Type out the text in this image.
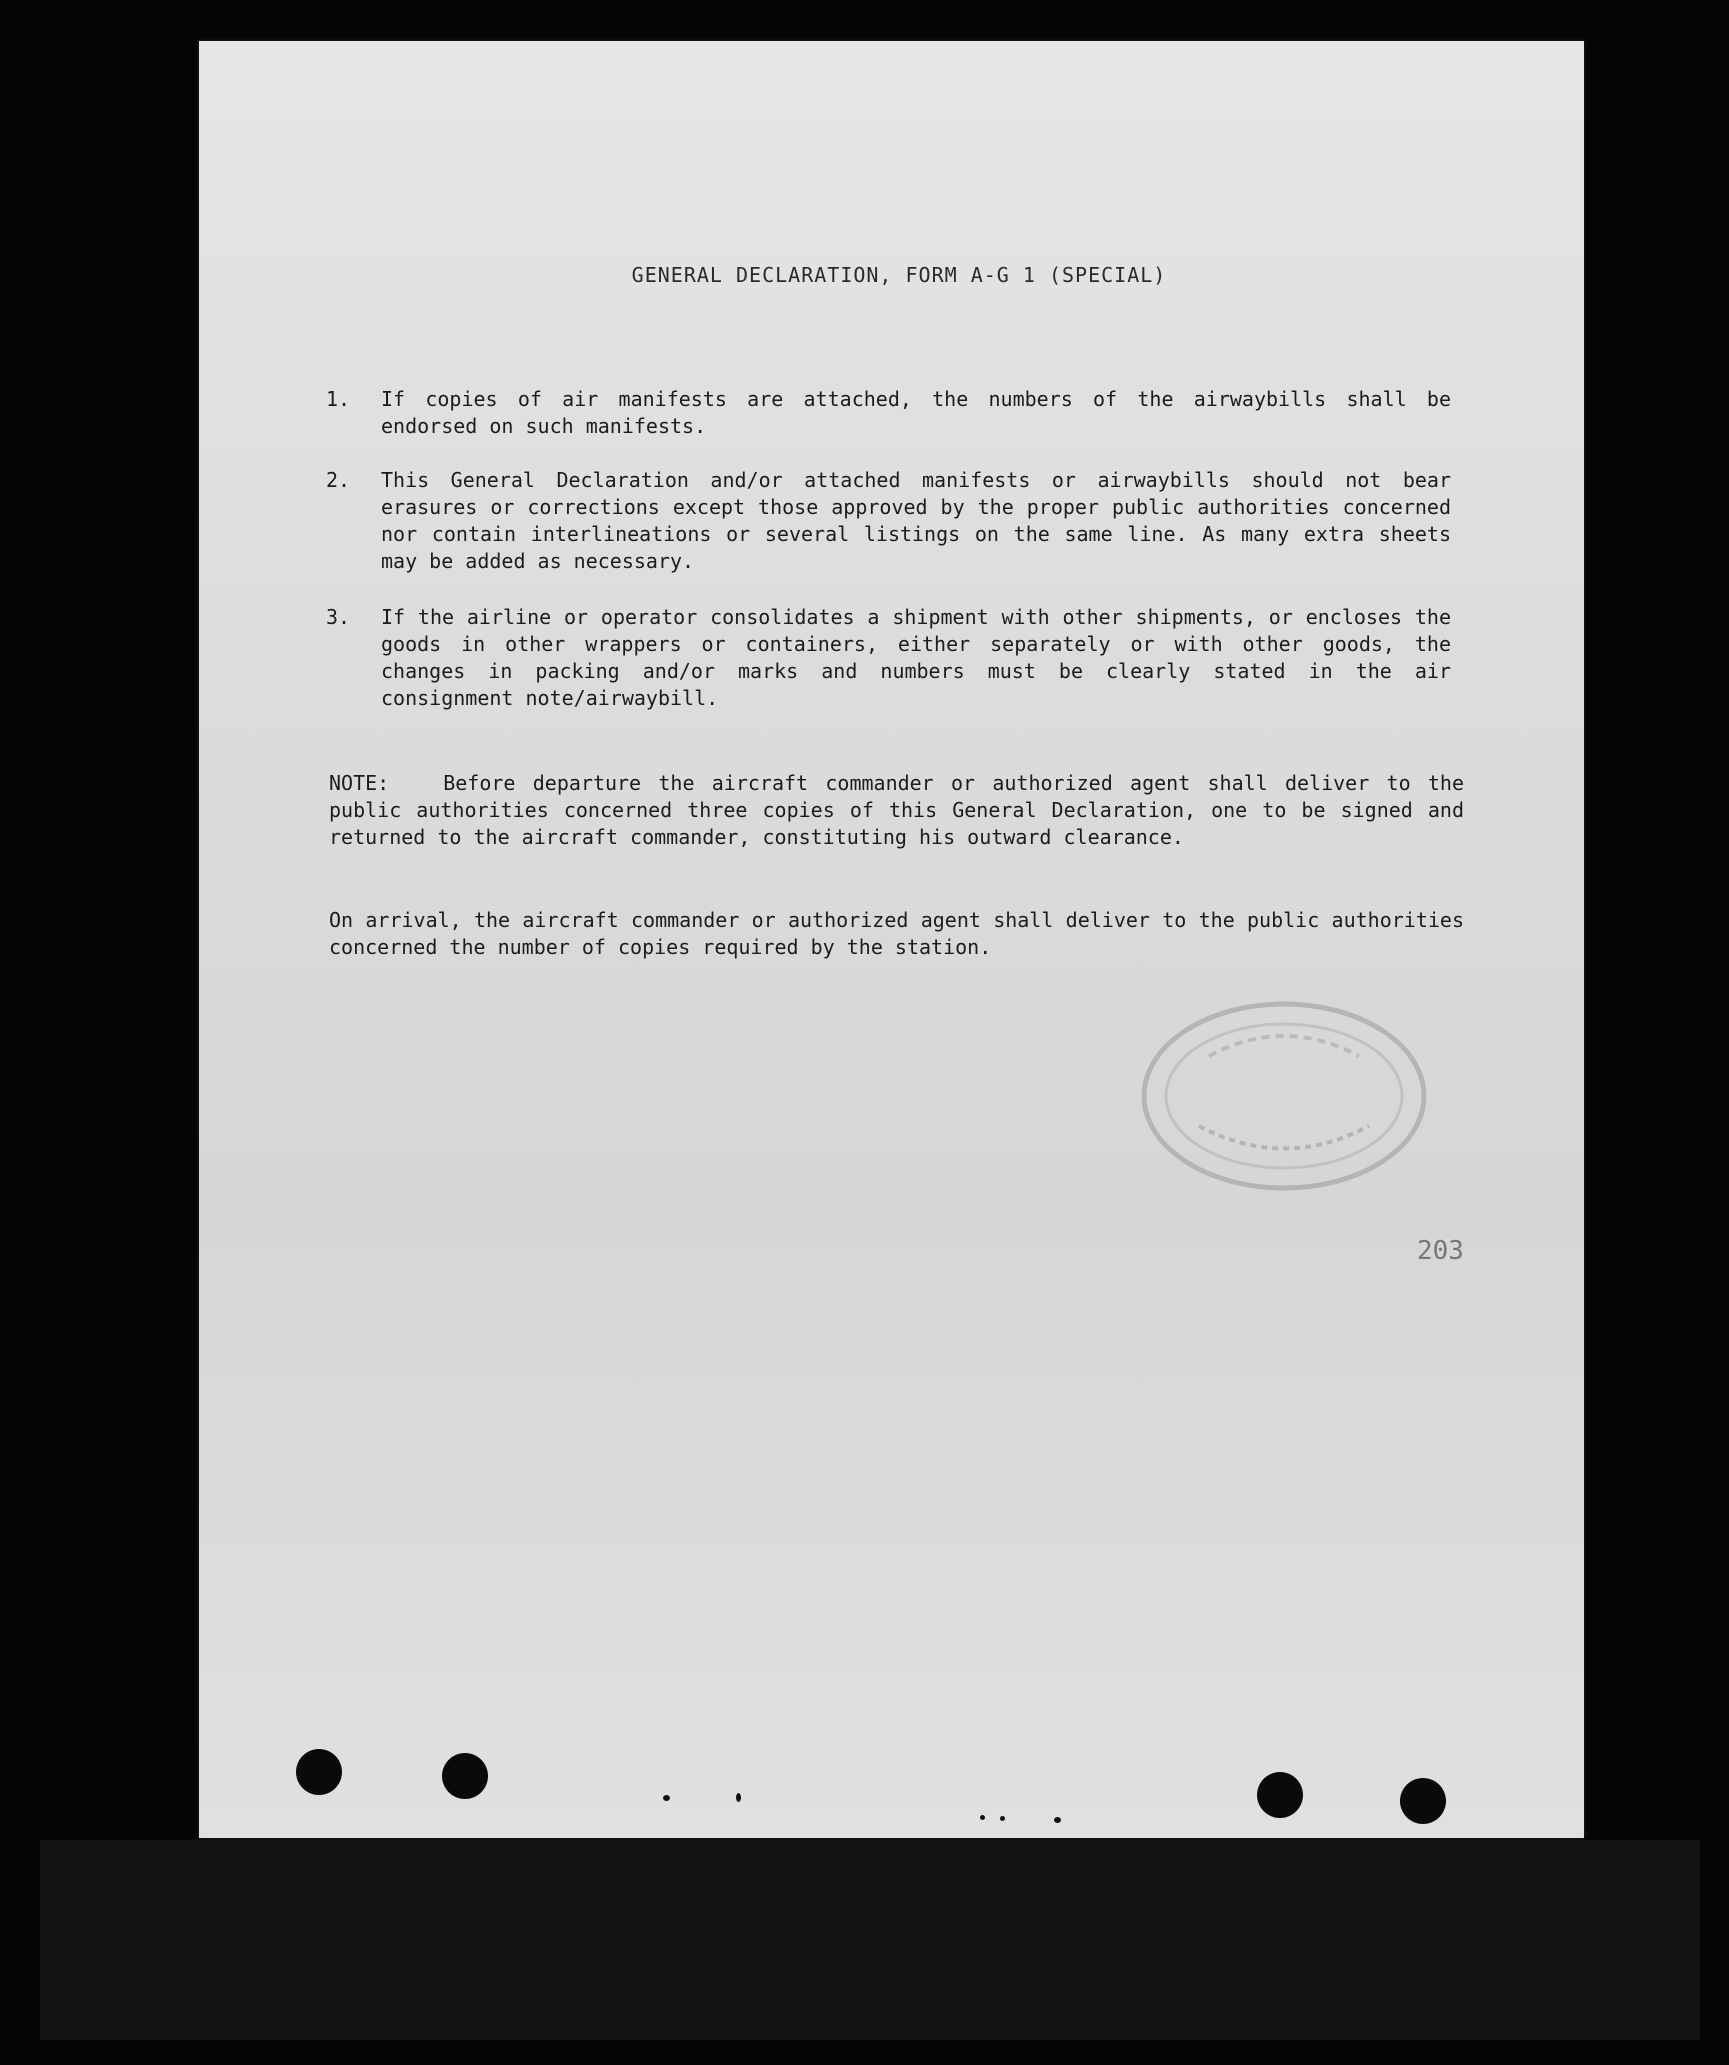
GENERAL DECLARATION, FORM A-G 1 (SPECIAL)
1.	If copies of air manifests are attached, the numbers of the airwaybills shall be endorsed on such manifests.
2.	This General Declaration and/or attached manifests or airwaybills should not bear erasures or corrections except those approved by the proper public authorities concerned nor contain interlineations or several listings on the same line. As many extra sheets may be added as necessary.
3.	If the airline or operator consolidates a shipment with other shipments, or encloses the goods in other wrappers or containers, either separately or with other goods, the changes in packing and/or marks and numbers must be clearly stated in the air consignment note/airwaybill.
NOTE:	Before departure the aircraft commander or authorized agent shall deliver to the public authorities concerned three copies of this General Declaration, one to be signed and returned to the aircraft commander, constituting his outward clearance.
On arrival, the aircraft commander or authorized agent shall deliver to the public authorities concerned the number of copies required by the station.
203
